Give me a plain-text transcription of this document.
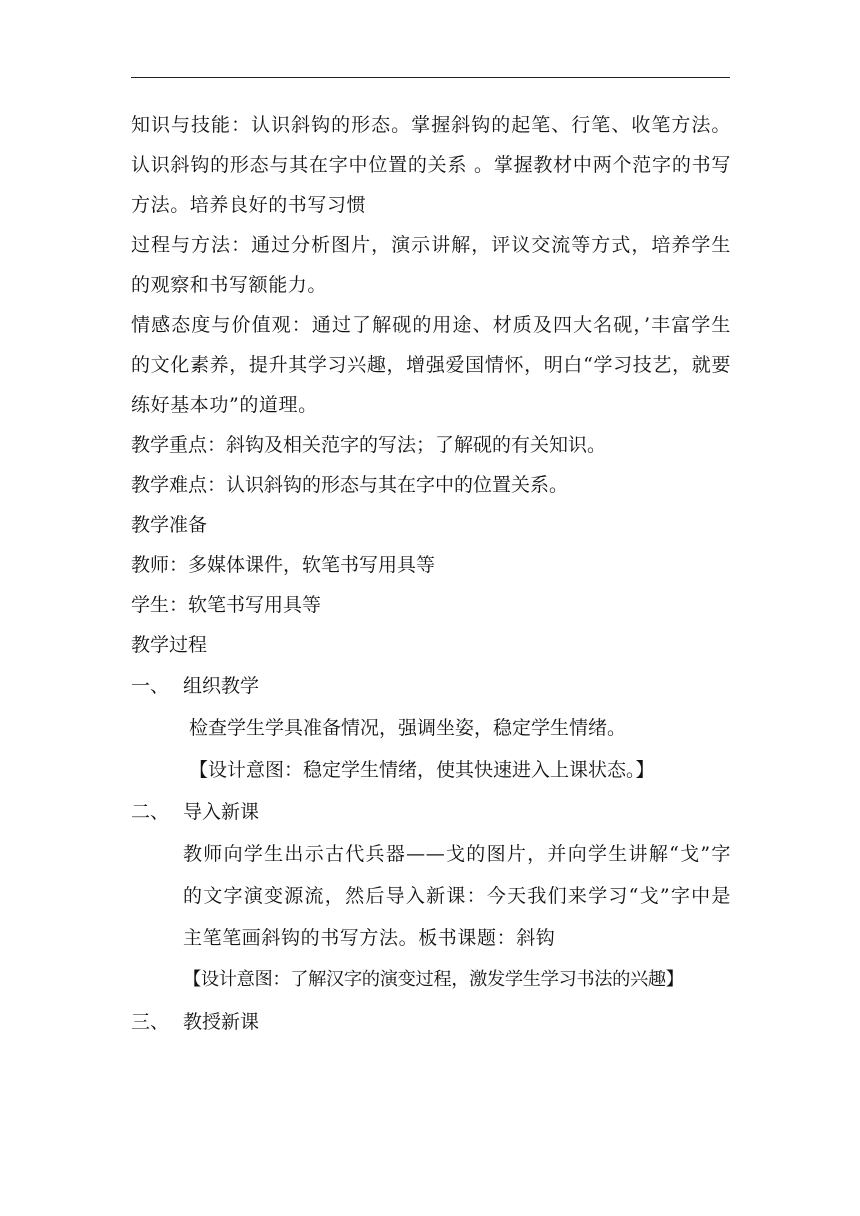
知识与技能：认识斜钩的形态。掌握斜钩的起笔、行笔、收笔方法。认识斜钩的形态与其在字中位置的关系 。掌握教材中两个范字的书写方法。培养良好的书写习惯

过程与方法：通过分析图片，演示讲解，评议交流等方式，培养学生的观察和书写额能力。

情感态度与价值观：通过了解砚的用途、材质及四大名砚，’丰富学生的文化素养，提升其学习兴趣，增强爱国情怀，明白“学习技艺，就要练好基本功”的道理。

教学重点：斜钩及相关范字的写法；了解砚的有关知识。

教学难点：认识斜钩的形态与其在字中的位置关系。

教学准备

教师：多媒体课件，软笔书写用具等

学生：软笔书写用具等

教学过程

一、 组织教学
检查学生学具准备情况，强调坐姿，稳定学生情绪。
【设计意图：稳定学生情绪，使其快速进入上课状态。】
二、 导入新课
教师向学生出示古代兵器——戈的图片，并向学生讲解“戈”字的文字演变源流，然后导入新课：今天我们来学习“戈”字中是主笔笔画斜钩的书写方法。板书课题：斜钩
【设计意图：了解汉字的演变过程，激发学生学习书法的兴趣】
三、 教授新课
